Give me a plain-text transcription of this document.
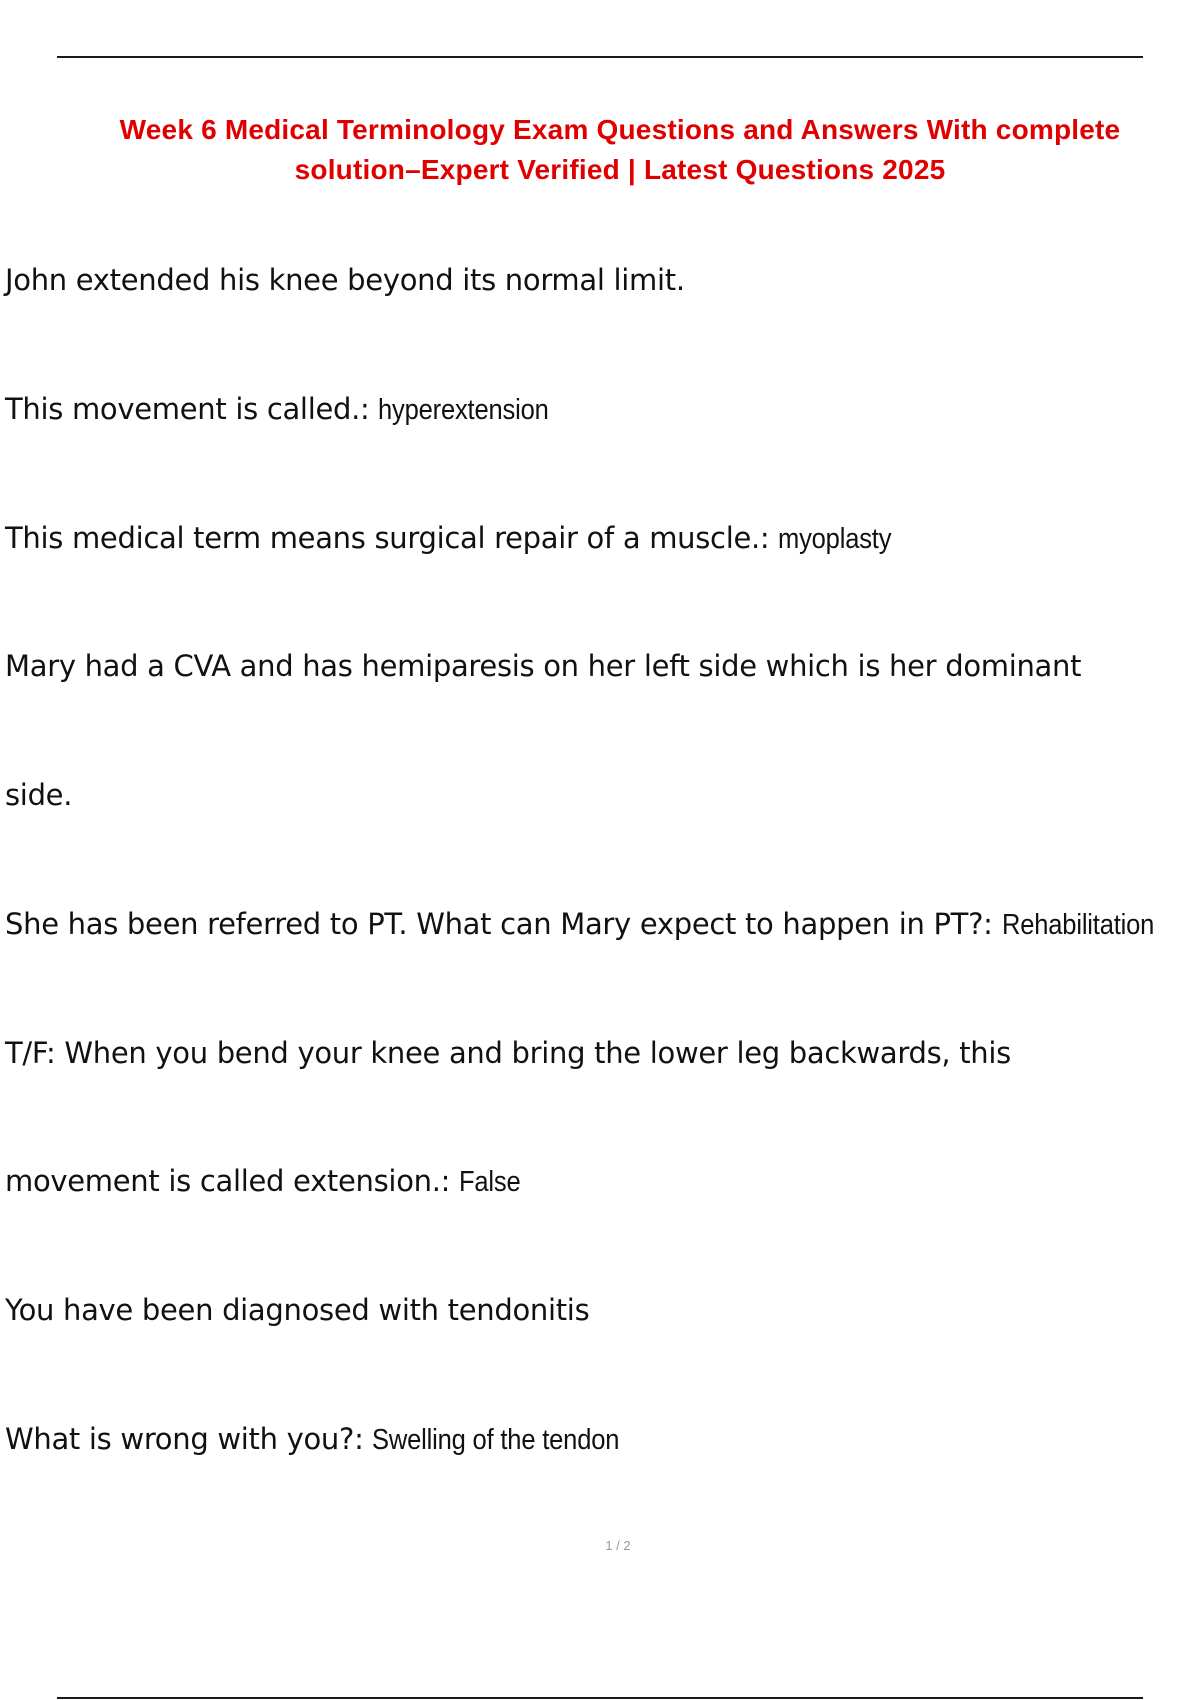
Week 6 Medical Terminology Exam Questions and Answers With complete
solution–Expert Verified | Latest Questions 2025
John extended his knee beyond its normal limit.
This movement is called.: hyperextension
This medical term means surgical repair of a muscle.: myoplasty
Mary had a CVA and has hemiparesis on her left side which is her dominant
side.
She has been referred to PT. What can Mary expect to happen in PT?: Rehabilitation
T/F: When you bend your knee and bring the lower leg backwards, this
movement is called extension.: False
You have been diagnosed with tendonitis
What is wrong with you?: Swelling of the tendon
1 / 2
